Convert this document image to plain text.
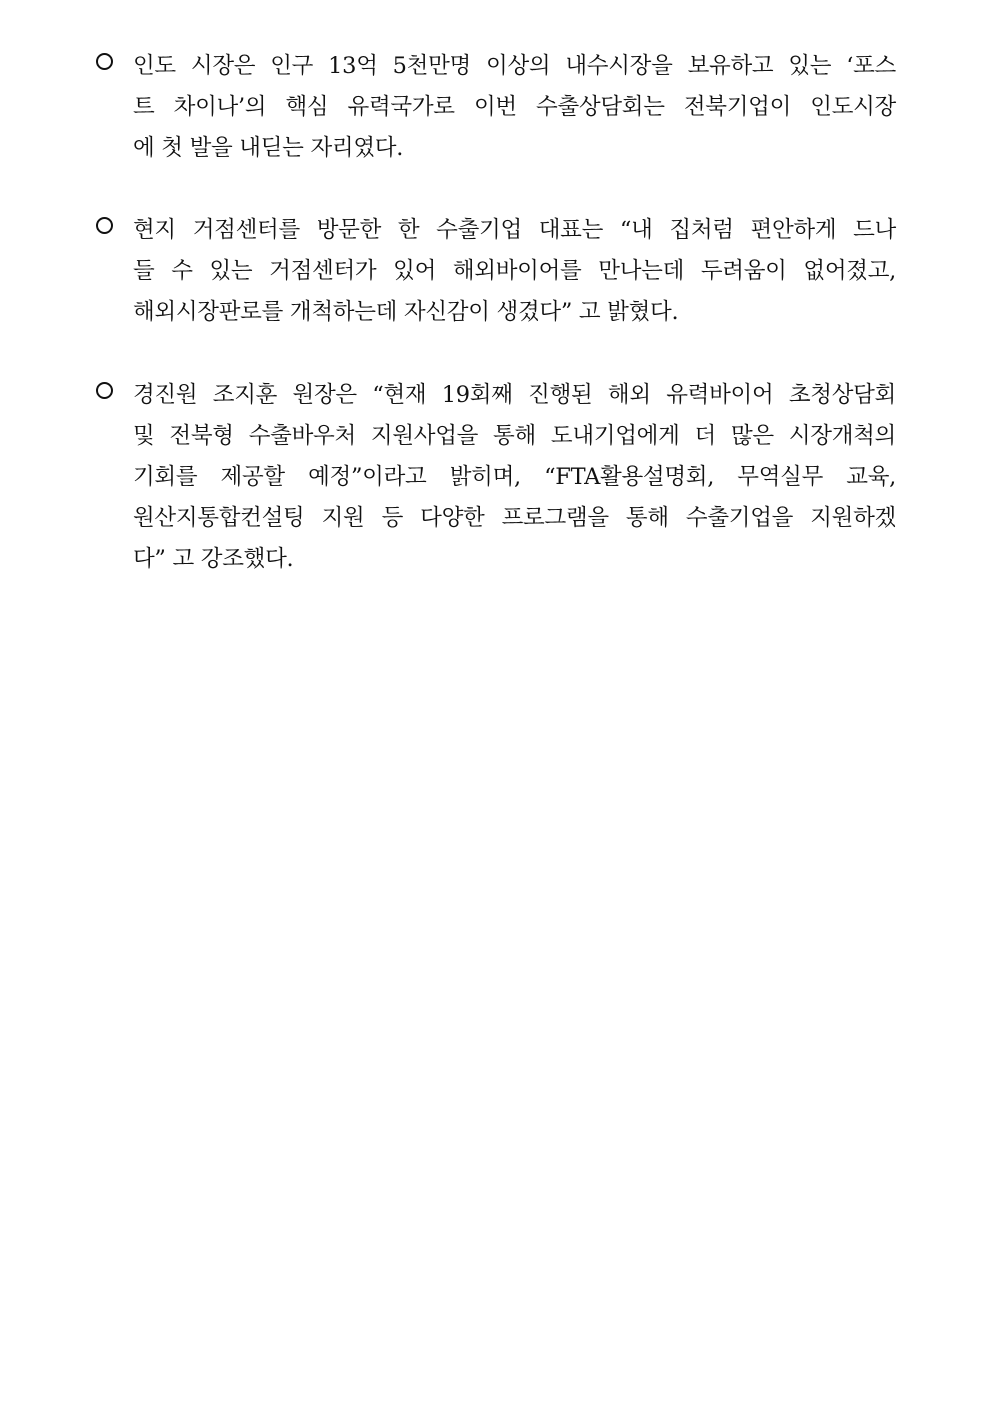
인도 시장은 인구 13억 5천만명 이상의 내수시장을 보유하고 있는 ‘포스
트 차이나’의 핵심 유력국가로 이번 수출상담회는 전북기업이 인도시장
에 첫 발을 내딛는 자리였다.
현지 거점센터를 방문한 한 수출기업 대표는 “내 집처럼 편안하게 드나
들 수 있는 거점센터가 있어 해외바이어를 만나는데 두려움이 없어졌고,
해외시장판로를 개척하는데 자신감이 생겼다” 고 밝혔다.
경진원 조지훈 원장은 “현재 19회째 진행된 해외 유력바이어 초청상담회
및 전북형 수출바우처 지원사업을 통해 도내기업에게 더 많은 시장개척의
기회를 제공할 예정”이라고 밝히며, “FTA활용설명회, 무역실무 교육,
원산지통합컨설팅 지원 등 다양한 프로그램을 통해 수출기업을 지원하겠
다” 고 강조했다.
